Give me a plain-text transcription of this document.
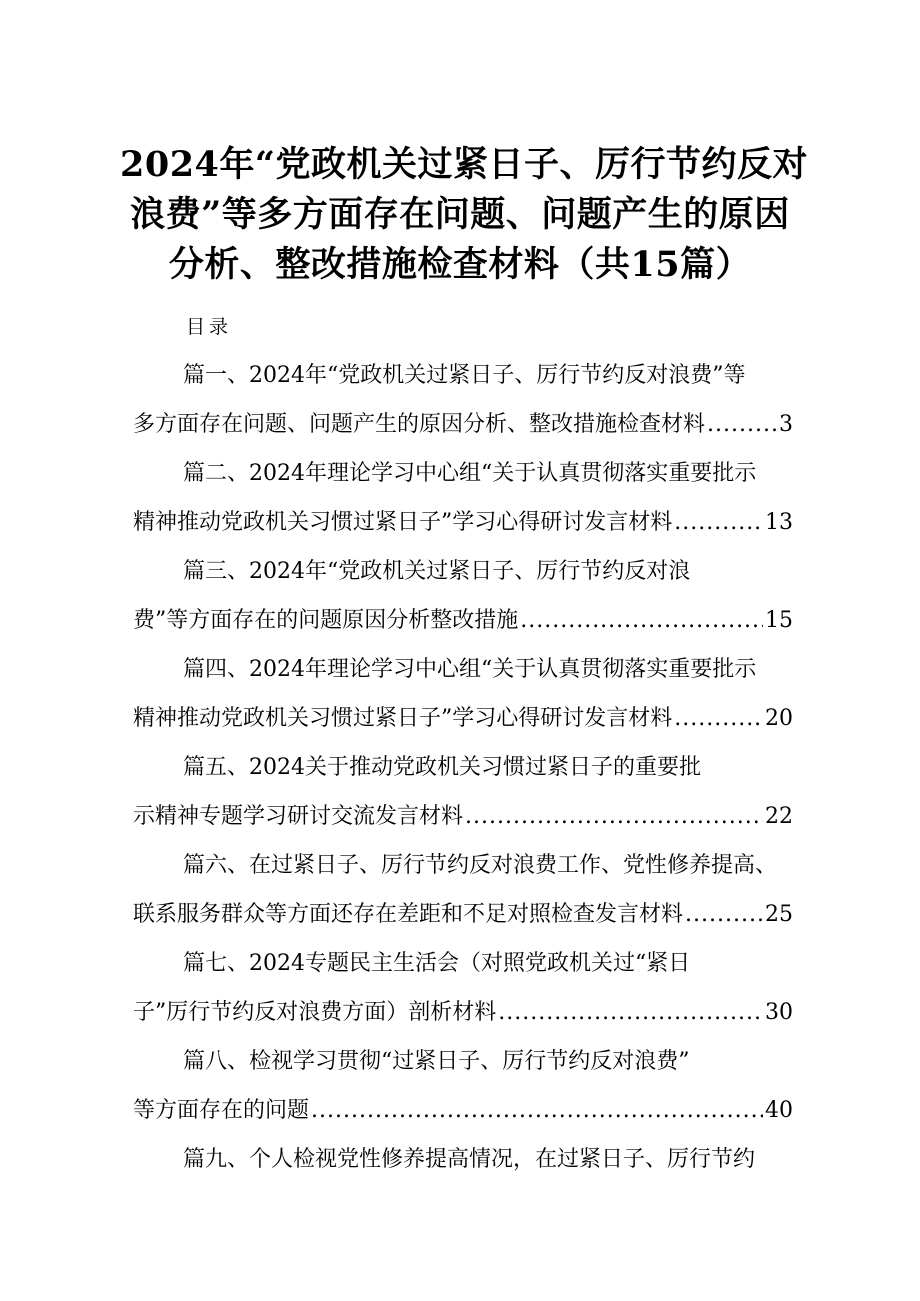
2024年“党政机关过紧日子、厉行节约反对
浪费”等多方面存在问题、问题产生的原因
分析、整改措施检查材料（共15篇）
目录
篇一、2024年“党政机关过紧日子、厉行节约反对浪费”等
多方面存在问题、问题产生的原因分析、整改措施检查材料 .....	3
篇二、2024年理论学习中心组“关于认真贯彻落实重要批示
精神推动党政机关习惯过紧日子”学习心得研讨发言材料 .....	13
篇三、2024年“党政机关过紧日子、厉行节约反对浪
费”等方面存在的问题原因分析整改措施 .....	15
篇四、2024年理论学习中心组“关于认真贯彻落实重要批示
精神推动党政机关习惯过紧日子”学习心得研讨发言材料 .....	20
篇五、2024关于推动党政机关习惯过紧日子的重要批
示精神专题学习研讨交流发言材料 .....	22
篇六、在过紧日子、厉行节约反对浪费工作、党性修养提高、
联系服务群众等方面还存在差距和不足对照检查发言材料 .....	25
篇七、2024专题民主生活会（对照党政机关过“紧日
子”厉行节约反对浪费方面）剖析材料 .....	30
篇八、检视学习贯彻“过紧日子、厉行节约反对浪费”
等方面存在的问题 .....	40
篇九、个人检视党性修养提高情况，在过紧日子、厉行节约
